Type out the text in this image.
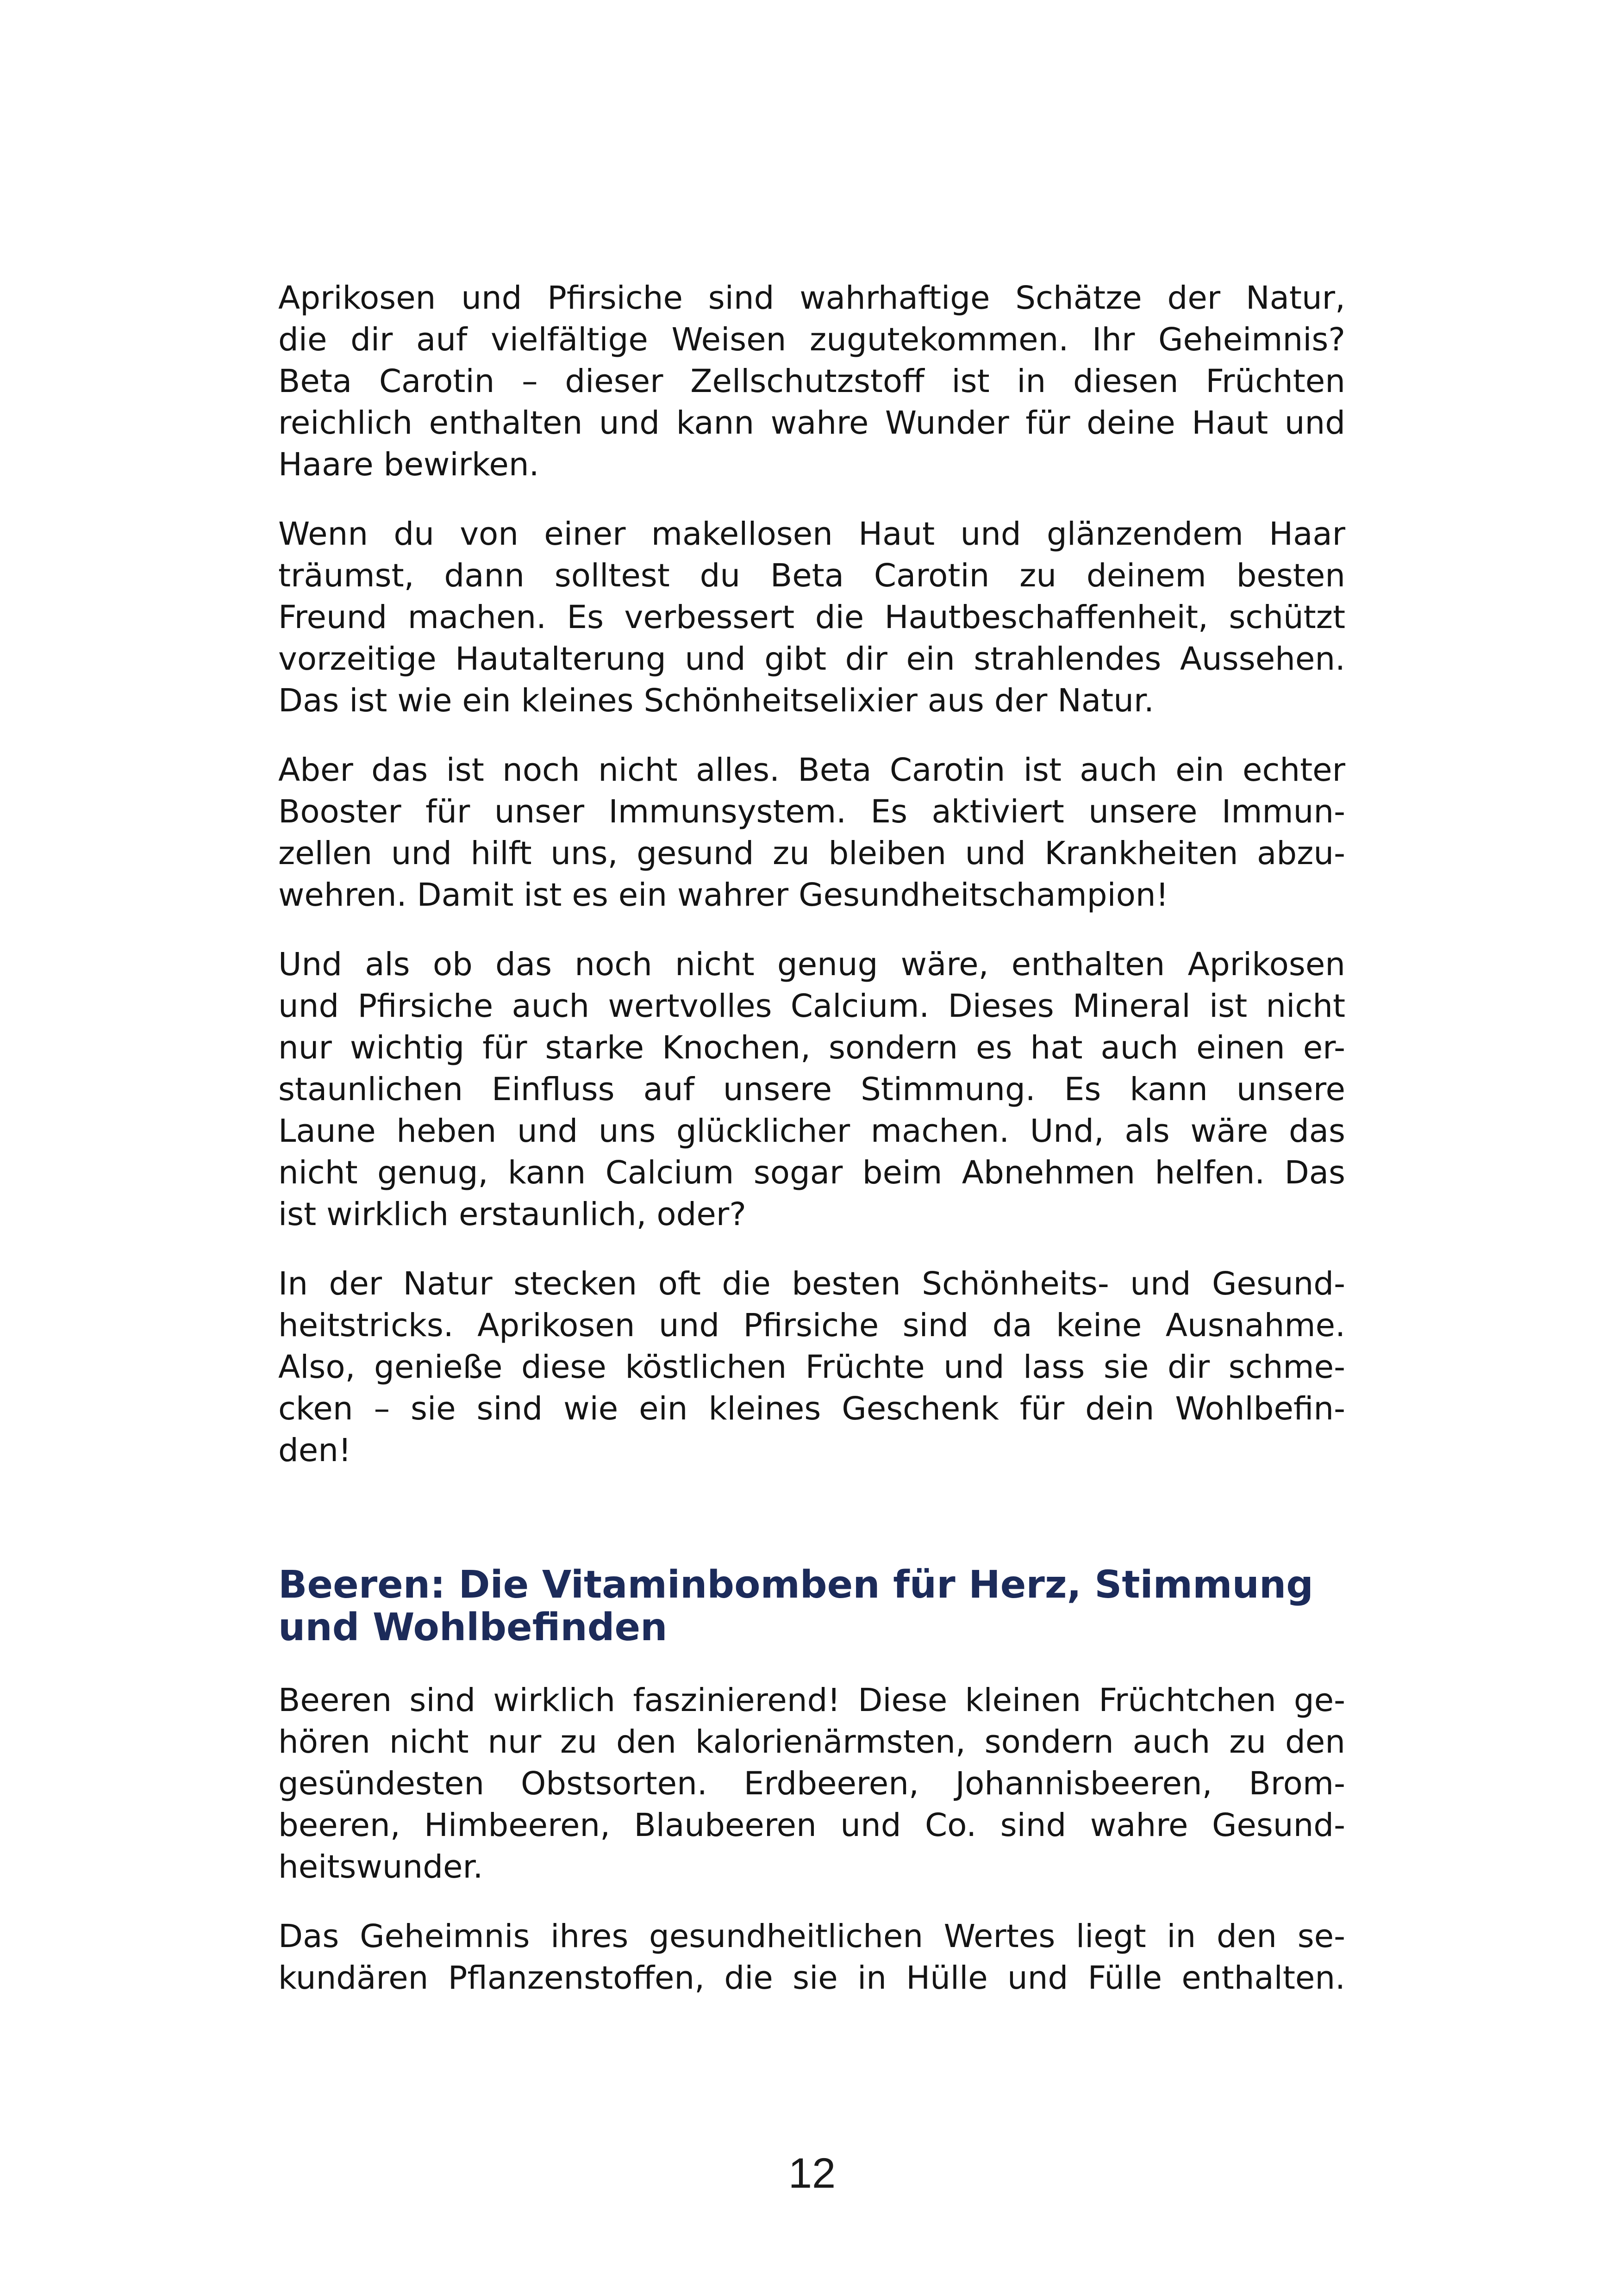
Aprikosen und Pfirsiche sind wahrhaftige Schätze der Natur,
die dir auf vielfältige Weisen zugutekommen. Ihr Geheimnis?
Beta Carotin – dieser Zellschutzstoff ist in diesen Früchten
reichlich enthalten und kann wahre Wunder für deine Haut und
Haare bewirken.
Wenn du von einer makellosen Haut und glänzendem Haar
träumst, dann solltest du Beta Carotin zu deinem besten
Freund machen. Es verbessert die Hautbeschaffenheit, schützt
vorzeitige Hautalterung und gibt dir ein strahlendes Aussehen.
Das ist wie ein kleines Schönheitselixier aus der Natur.
Aber das ist noch nicht alles. Beta Carotin ist auch ein echter
Booster für unser Immunsystem. Es aktiviert unsere Immun-
zellen und hilft uns, gesund zu bleiben und Krankheiten abzu-
wehren. Damit ist es ein wahrer Gesundheitschampion!
Und als ob das noch nicht genug wäre, enthalten Aprikosen
und Pfirsiche auch wertvolles Calcium. Dieses Mineral ist nicht
nur wichtig für starke Knochen, sondern es hat auch einen er-
staunlichen Einfluss auf unsere Stimmung. Es kann unsere
Laune heben und uns glücklicher machen. Und, als wäre das
nicht genug, kann Calcium sogar beim Abnehmen helfen. Das
ist wirklich erstaunlich, oder?
In der Natur stecken oft die besten Schönheits- und Gesund-
heitstricks. Aprikosen und Pfirsiche sind da keine Ausnahme.
Also, genieße diese köstlichen Früchte und lass sie dir schme-
cken – sie sind wie ein kleines Geschenk für dein Wohlbefin-
den!
Beeren: Die Vitaminbomben für Herz, Stimmung
und Wohlbefinden
Beeren sind wirklich faszinierend! Diese kleinen Früchtchen ge-
hören nicht nur zu den kalorienärmsten, sondern auch zu den
gesündesten Obstsorten. Erdbeeren, Johannisbeeren, Brom-
beeren, Himbeeren, Blaubeeren und Co. sind wahre Gesund-
heitswunder.
Das Geheimnis ihres gesundheitlichen Wertes liegt in den se-
kundären Pflanzenstoffen, die sie in Hülle und Fülle enthalten.
12
